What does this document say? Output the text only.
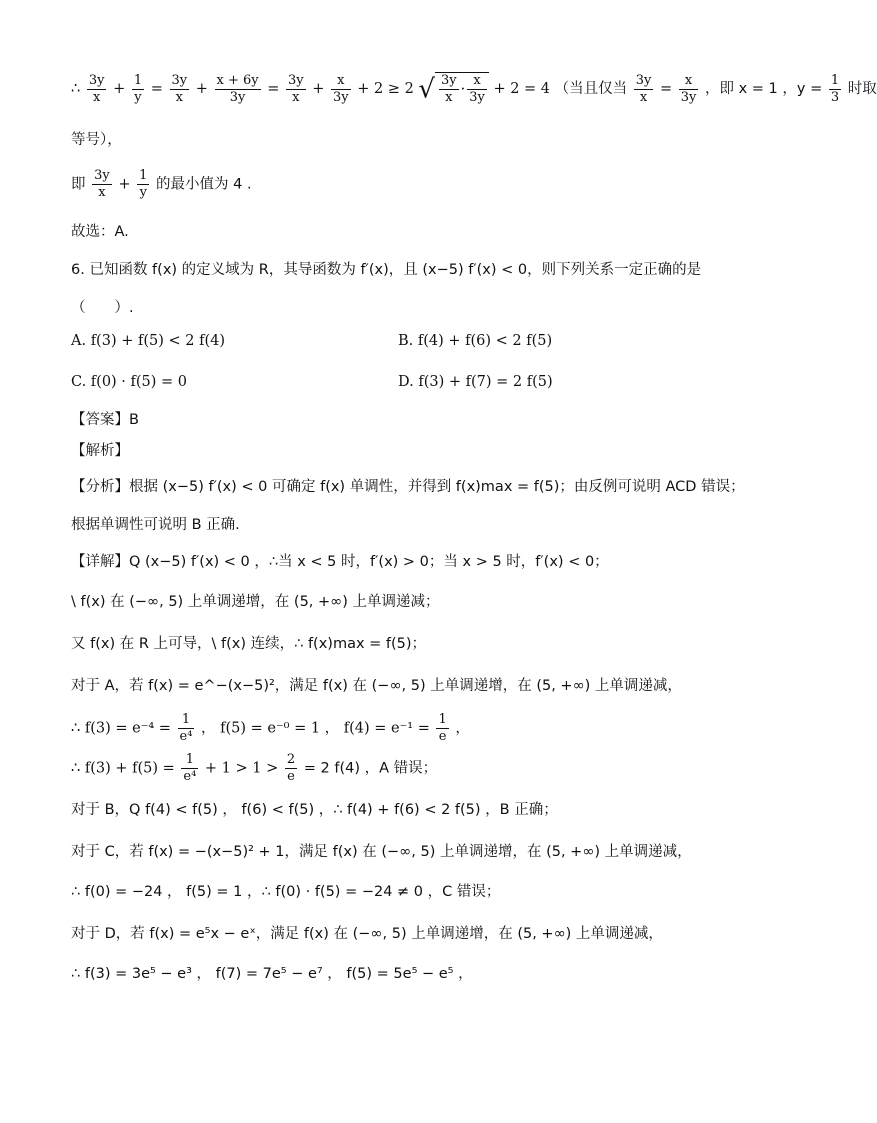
∴ $\frac{3y}{x} + \frac{1}{y} = \frac{3y}{x} + \frac{x + 6y}{3y} = \frac{3y}{x} + \frac{x}{3y} + 2 \ge 2$ √ $\frac{3y}{x} \cdot \frac{x}{3y} + 2 = 4$ （当且仅当 $\frac{3y}{x} = \frac{x}{3y}$ ，即 x = 1 ，$y = \frac{1}{3}$ 时取
等号），
即 $\frac{3y}{x} + \frac{1}{y}$ 的最小值为 4 .
故选：A.
6. 已知函数 f(x) 的定义域为 R，其导函数为 f′(x)，且 (x−5) f′(x) < 0，则下列关系一定正确的是
（　　）.
A. f(3) + f(5) < 2 f(4)	B. f(4) + f(6) < 2 f(5)
C. f(0) · f(5) = 0	D. f(3) + f(7) = 2 f(5)
【答案】B
【解析】
【分析】根据 (x−5) f′(x) < 0 可确定 f(x) 单调性，并得到 f(x)max = f(5)；由反例可说明 ACD 错误；
根据单调性可说明 B 正确.
【详解】Q (x−5) f′(x) < 0 ，∴当 x < 5 时，f′(x) > 0；当 x > 5 时，f′(x) < 0；
\ f(x) 在 (−∞, 5) 上单调递增，在 (5, +∞) 上单调递减；
又 f(x) 在 R 上可导，\ f(x) 连续，∴ f(x)max = f(5)；
对于 A，若 f(x) = e^−(x−5)²，满足 f(x) 在 (−∞, 5) 上单调递增，在 (5, +∞) 上单调递减，
∴ $f(3) = e^{-4} = \frac{1}{\text{e⁴}}$ ， f(5) = e⁻⁰ = 1 ， $f(4) = e^{-1} = \frac{1}{e}$ ，
∴ $f(3) + f(5) = \frac{1}{\text{e⁴}} + 1 > 1 > \frac{2}{e} = 2$ f(4) ，A 错误；
对于 B，Q f(4) < f(5) ， f(6) < f(5) ，∴ f(4) + f(6) < 2 f(5) ，B 正确；
对于 C，若 f(x) = −(x−5)² + 1，满足 f(x) 在 (−∞, 5) 上单调递增，在 (5, +∞) 上单调递减，
∴ f(0) = −24 ， f(5) = 1 ，∴ f(0) · f(5) = −24 ≠ 0 ，C 错误；
对于 D，若 f(x) = e⁵x − eˣ，满足 f(x) 在 (−∞, 5) 上单调递增，在 (5, +∞) 上单调递减，
∴ f(3) = 3e⁵ − e³ ， f(7) = 7e⁵ − e⁷ ， f(5) = 5e⁵ − e⁵ ，
